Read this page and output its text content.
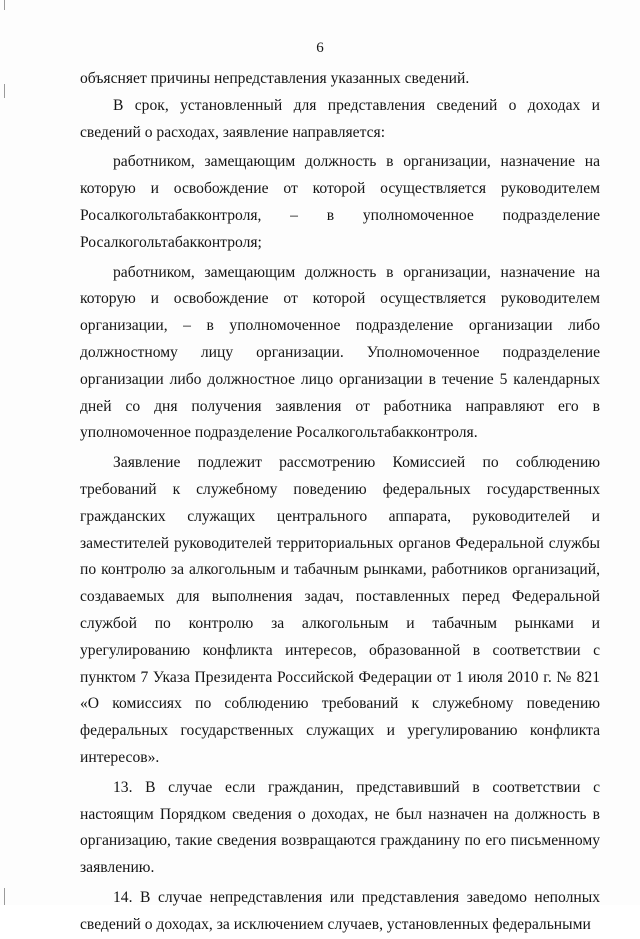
6

объясняет причины непредставления указанных сведений.

В срок, установленный для представления сведений о доходах и сведений о расходах, заявление направляется:

работником, замещающим должность в организации, назначение на которую и освобождение от которой осуществляется руководителем Росалкогольтабакконтроля, – в уполномоченное подразделение Росалкогольтабакконтроля;

работником, замещающим должность в организации, назначение на которую и освобождение от которой осуществляется руководителем организации, – в уполномоченное подразделение организации либо должностному лицу организации. Уполномоченное подразделение организации либо должностное лицо организации в течение 5 календарных дней со дня получения заявления от работника направляют его в уполномоченное подразделение Росалкогольтабакконтроля.

Заявление подлежит рассмотрению Комиссией по соблюдению требований к служебному поведению федеральных государственных гражданских служащих центрального аппарата, руководителей и заместителей руководителей территориальных органов Федеральной службы по контролю за алкогольным и табачным рынками, работников организаций, создаваемых для выполнения задач, поставленных перед Федеральной службой по контролю за алкогольным и табачным рынками и урегулированию конфликта интересов, образованной в соответствии с пунктом 7 Указа Президента Российской Федерации от 1 июля 2010 г. № 821 «О комиссиях по соблюдению требований к служебному поведению федеральных государственных служащих и урегулированию конфликта интересов».

13. В случае если гражданин, представивший в соответствии с настоящим Порядком сведения о доходах, не был назначен на должность в организацию, такие сведения возвращаются гражданину по его письменному заявлению.

14. В случае непредставления или представления заведомо неполных сведений о доходах, за исключением случаев, установленных федеральными
